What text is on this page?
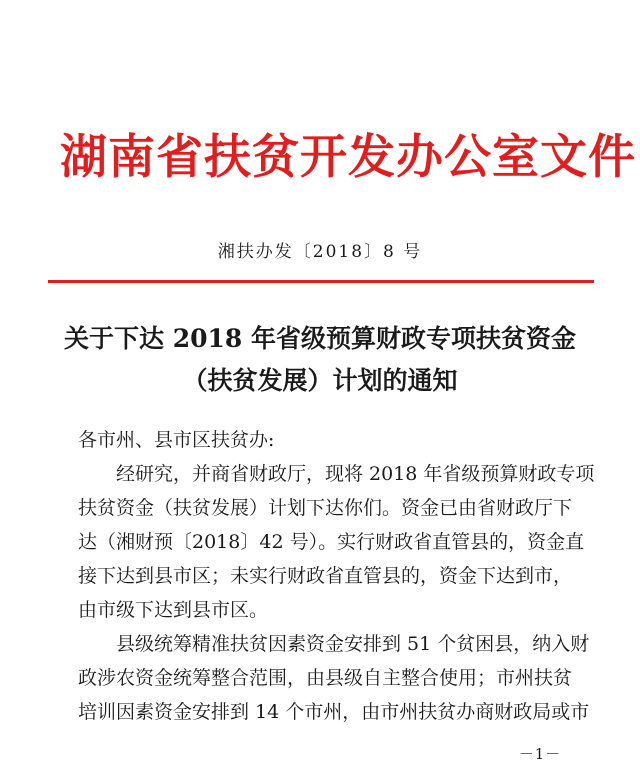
湖南省扶贫开发办公室文件
湘扶办发〔2018〕8 号
关于下达 2018 年省级预算财政专项扶贫资金
（扶贫发展）计划的通知
各市州、县市区扶贫办:
经研究，并商省财政厅，现将 2018 年省级预算财政专项
扶贫资金（扶贫发展）计划下达你们。资金已由省财政厅下
达（湘财预〔2018〕42 号）。实行财政省直管县的，资金直
接下达到县市区；未实行财政省直管县的，资金下达到市，
由市级下达到县市区。
县级统筹精准扶贫因素资金安排到 51 个贫困县，纳入财
政涉农资金统筹整合范围，由县级自主整合使用；市州扶贫
培训因素资金安排到 14 个市州，由市州扶贫办商财政局或市
－1－
